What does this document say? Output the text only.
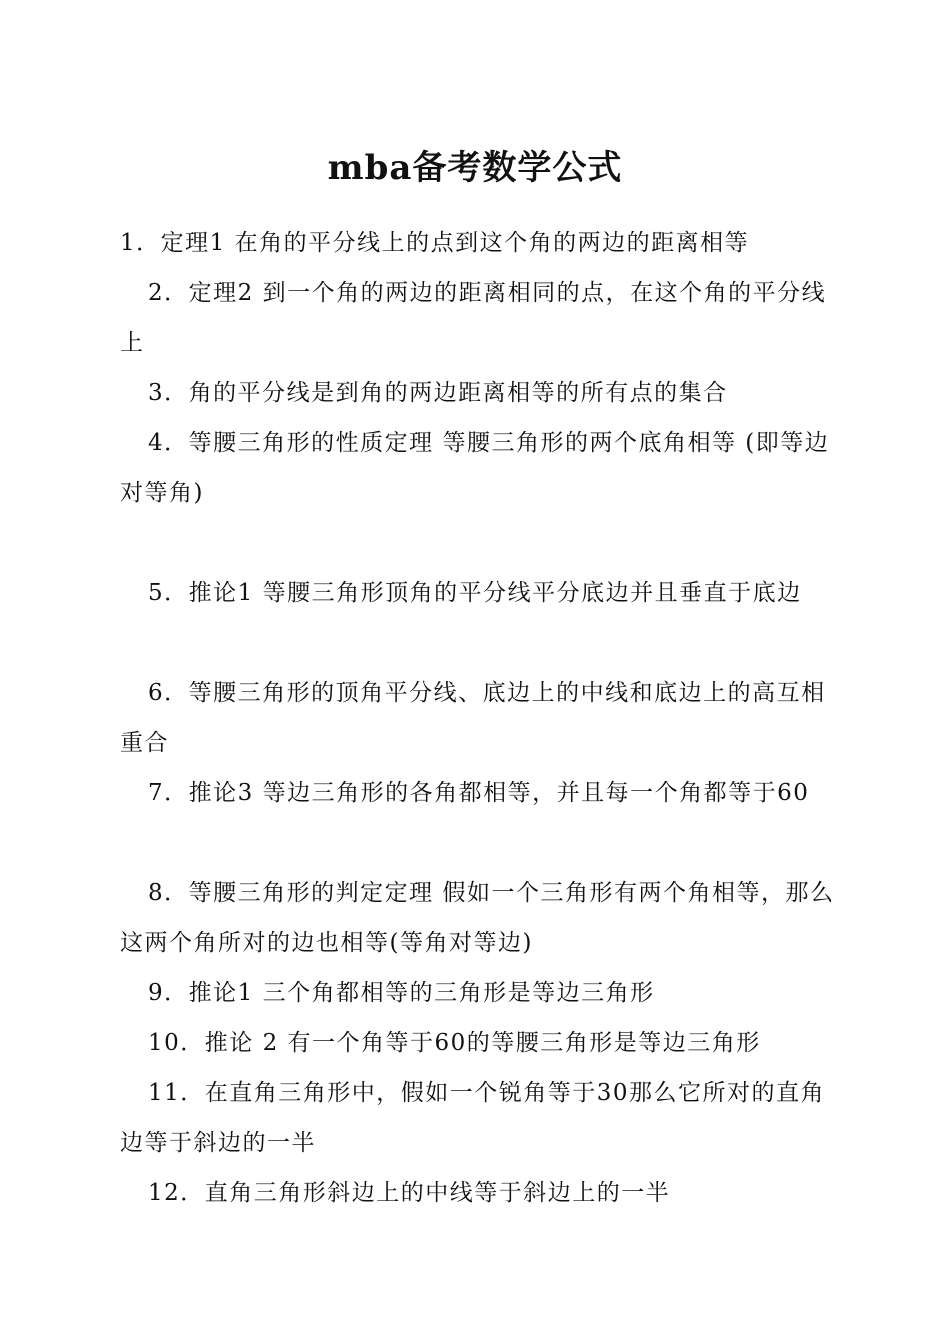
mba备考数学公式

1．定理1 在角的平分线上的点到这个角的两边的距离相等

2．定理2 到一个角的两边的距离相同的点，在这个角的平分线上

3．角的平分线是到角的两边距离相等的所有点的集合

4．等腰三角形的性质定理 等腰三角形的两个底角相等 (即等边对等角)

5．推论1 等腰三角形顶角的平分线平分底边并且垂直于底边

6．等腰三角形的顶角平分线、底边上的中线和底边上的高互相重合

7．推论3 等边三角形的各角都相等，并且每一个角都等于60

8．等腰三角形的判定定理 假如一个三角形有两个角相等，那么这两个角所对的边也相等(等角对等边)

9．推论1 三个角都相等的三角形是等边三角形

10．推论 2 有一个角等于60的等腰三角形是等边三角形

11．在直角三角形中，假如一个锐角等于30那么它所对的直角边等于斜边的一半

12．直角三角形斜边上的中线等于斜边上的一半
